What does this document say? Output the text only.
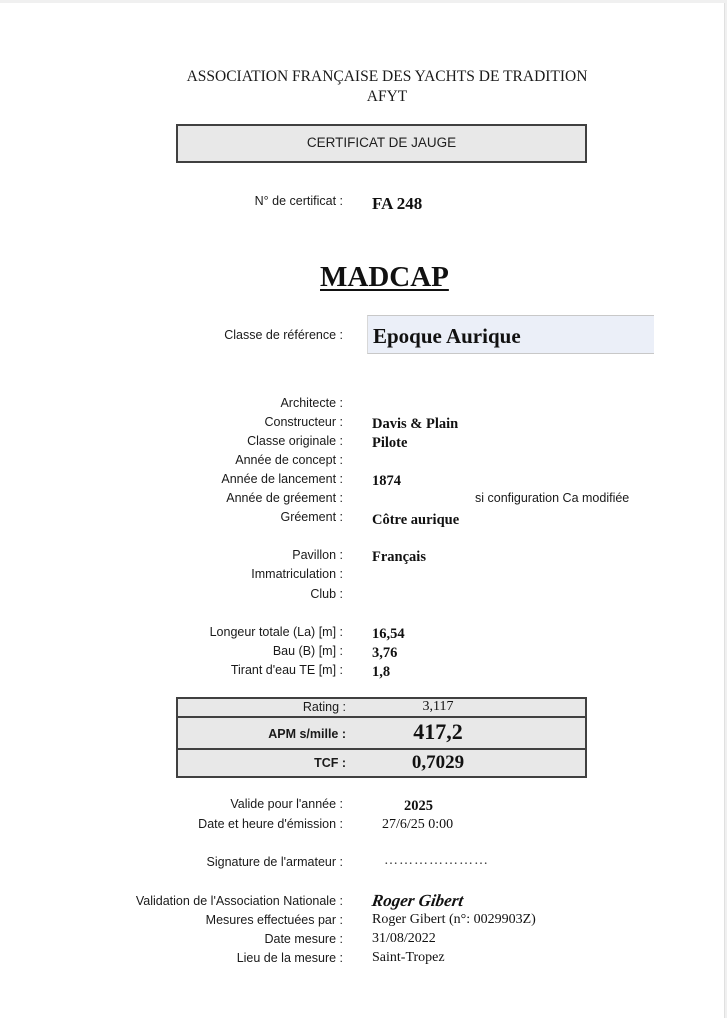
ASSOCIATION FRANÇAISE DES YACHTS DE TRADITION
AFYT
CERTIFICAT DE JAUGE
N° de certificat : FA 248
MADCAP
Classe de référence : Epoque Aurique
Architecte :
Constructeur : Davis & Plain
Classe originale : Pilote
Année de concept :
Année de lancement : 1874
Année de gréement :	si configuration Ca modifiée
Gréement : Côtre aurique
Pavillon : Français
Immatriculation :
Club :
Longeur totale (La) [m] : 16,54
Bau (B) [m] : 3,76
Tirant d'eau TE [m] : 1,8
Rating :	3,117
APM s/mille :	417,2
TCF :	0,7029
Valide pour l'année :	2025
Date et heure d'émission :	27/6/25 0:00
Signature de l'armateur :	…………………
Validation de l'Association Nationale : Roger Gibert
Mesures effectuées par : Roger Gibert (n°: 0029903Z)
Date mesure : 31/08/2022
Lieu de la mesure : Saint-Tropez
